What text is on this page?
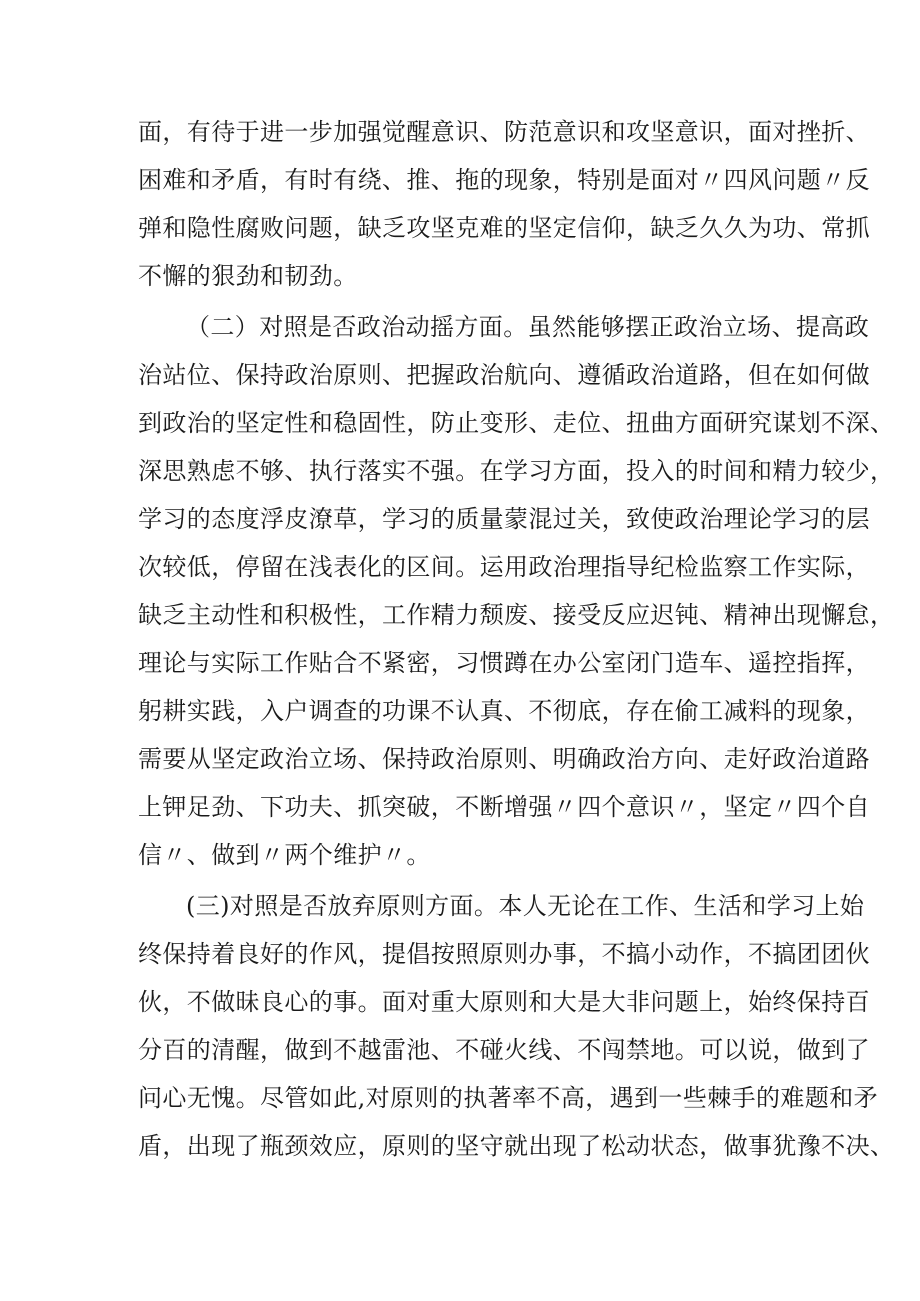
面，有待于进一步加强觉醒意识、防范意识和攻坚意识，面对挫折、
困难和矛盾，有时有绕、推、拖的现象，特别是面对〃四风问题〃反
弹和隐性腐败问题，缺乏攻坚克难的坚定信仰，缺乏久久为功、常抓
不懈的狠劲和韧劲。

（二）对照是否政治动摇方面。虽然能够摆正政治立场、提高政
治站位、保持政治原则、把握政治航向、遵循政治道路，但在如何做
到政治的坚定性和稳固性，防止变形、走位、扭曲方面研究谋划不深、
深思熟虑不够、执行落实不强。在学习方面，投入的时间和精力较少，
学习的态度浮皮潦草，学习的质量蒙混过关，致使政治理论学习的层
次较低，停留在浅表化的区间。运用政治理指导纪检监察工作实际，
缺乏主动性和积极性，工作精力颓废、接受反应迟钝、精神出现懈怠，
理论与实际工作贴合不紧密，习惯蹲在办公室闭门造车、遥控指挥，
躬耕实践，入户调查的功课不认真、不彻底，存在偷工减料的现象，
需要从坚定政治立场、保持政治原则、明确政治方向、走好政治道路
上钾足劲、下功夫、抓突破，不断增强〃四个意识〃，坚定〃四个自
信〃、做到〃两个维护〃。

(三)对照是否放弃原则方面。本人无论在工作、生活和学习上始
终保持着良好的作风，提倡按照原则办事，不搞小动作，不搞团团伙
伙，不做昧良心的事。面对重大原则和大是大非问题上，始终保持百
分百的清醒，做到不越雷池、不碰火线、不闯禁地。可以说，做到了
问心无愧。尽管如此,对原则的执著率不高，遇到一些棘手的难题和矛
盾，出现了瓶颈效应，原则的坚守就出现了松动状态，做事犹豫不决、
